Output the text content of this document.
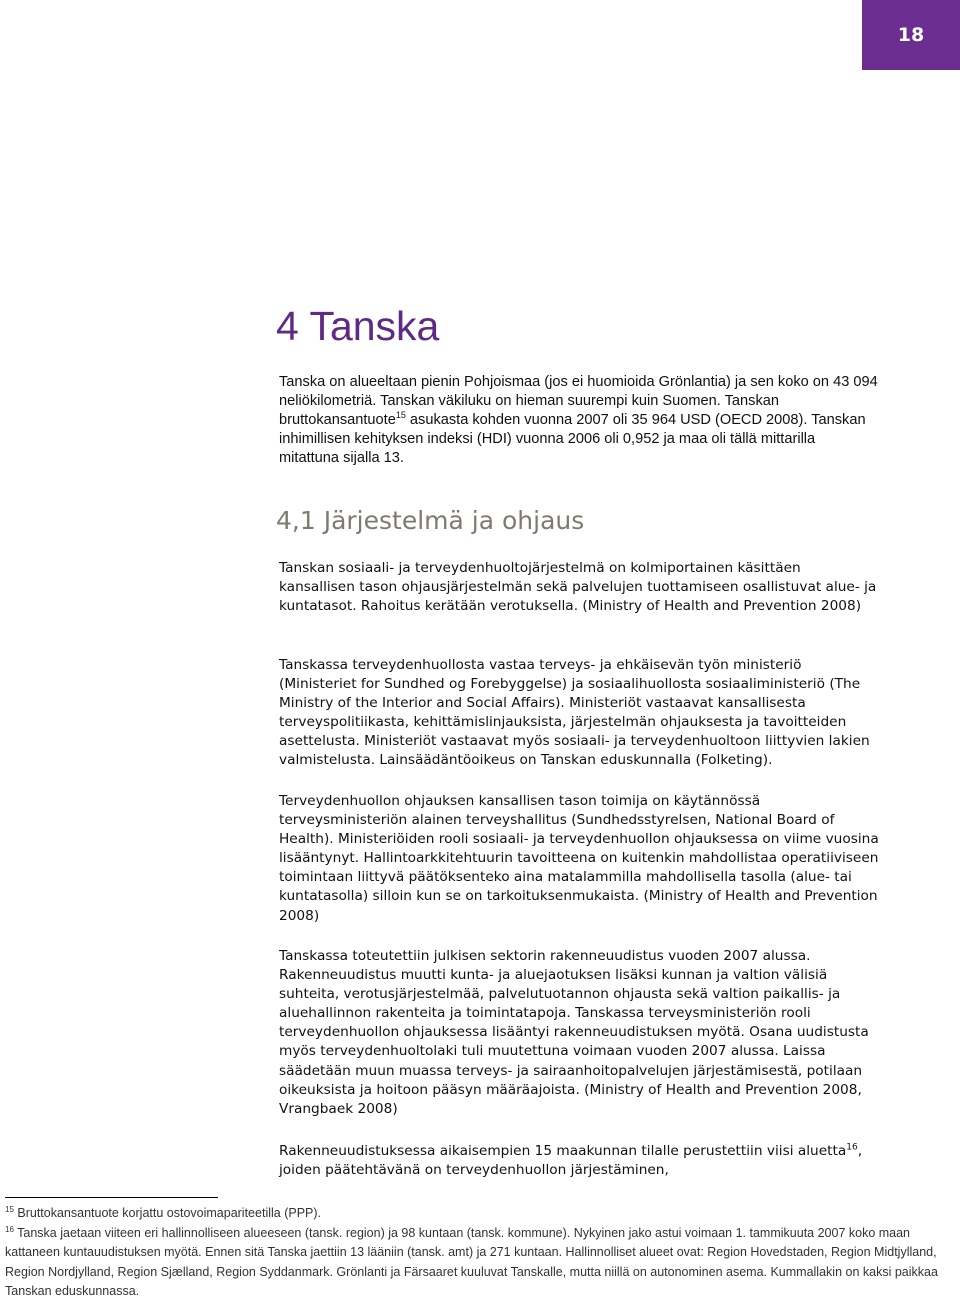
18
4 Tanska

Tanska on alueeltaan pienin Pohjoismaa (jos ei huomioida Grönlantia) ja sen koko on 43 094 neliökilometriä. Tanskan väkiluku on hieman suurempi kuin Suomen. Tanskan bruttokansantuote$^{15}$ asukasta kohden vuonna 2007 oli 35 964 USD (OECD 2008). Tanskan inhimillisen kehityksen indeksi (HDI) vuonna 2006 oli 0,952 ja maa oli tällä mittarilla mitattuna sijalla 13.

4,1 Järjestelmä ja ohjaus

Tanskan sosiaali- ja terveydenhuoltojärjestelmä on kolmiportainen käsittäen kansallisen tason ohjausjärjestelmän sekä palvelujen tuottamiseen osallistuvat alue- ja kuntatasot. Rahoitus kerätään verotuksella. (Ministry of Health and Prevention 2008)

Tanskassa terveydenhuollosta vastaa terveys- ja ehkäisevän työn ministeriö (Ministeriet for Sundhed og Forebyggelse) ja sosiaalihuollosta sosiaaliministeriö (The Ministry of the Interior and Social Affairs). Ministeriöt vastaavat kansallisesta terveyspolitiikasta, kehittämislinjauksista, järjestelmän ohjauksesta ja tavoitteiden asettelusta. Ministeriöt vastaavat myös sosiaali- ja terveydenhuoltoon liittyvien lakien valmistelusta. Lainsäädäntöoikeus on Tanskan eduskunnalla (Folketing).

Terveydenhuollon ohjauksen kansallisen tason toimija on käytännössä terveysministeriön alainen terveyshallitus (Sundhedsstyrelsen, National Board of Health). Ministeriöiden rooli sosiaali- ja terveydenhuollon ohjauksessa on viime vuosina lisääntynyt. Hallintoarkkitehtuurin tavoitteena on kuitenkin mahdollistaa operatiiviseen toimintaan liittyvä päätöksenteko aina matalammilla mahdollisella tasolla (alue- tai kuntatasolla) silloin kun se on tarkoituksenmukaista. (Ministry of Health and Prevention 2008)

Tanskassa toteutettiin julkisen sektorin rakenneuudistus vuoden 2007 alussa. Rakenneuudistus muutti kunta- ja aluejaotuksen lisäksi kunnan ja valtion välisiä suhteita, verotusjärjestelmää, palvelutuotannon ohjausta sekä valtion paikallis- ja aluehallinnon rakenteita ja toimintatapoja. Tanskassa terveysministeriön rooli terveydenhuollon ohjauksessa lisääntyi rakenneuudistuksen myötä. Osana uudistusta myös terveydenhuoltolaki tuli muutettuna voimaan vuoden 2007 alussa. Laissa säädetään muun muassa terveys- ja sairaanhoitopalvelujen järjestämisestä, potilaan oikeuksista ja hoitoon pääsyn määräajoista. (Ministry of Health and Prevention 2008, Vrangbaek 2008)

Rakenneuudistuksessa aikaisempien 15 maakunnan tilalle perustettiin viisi aluetta$^{16}$, joiden päätehtävänä on terveydenhuollon järjestäminen,

$^{15}$ Bruttokansantuote korjattu ostovoimapariteetilla (PPP).
$^{16}$ Tanska jaetaan viiteen eri hallinnolliseen alueeseen (tansk. region) ja 98 kuntaan (tansk. kommune). Nykyinen jako astui voimaan 1. tammikuuta 2007 koko maan kattaneen kuntauudistuksen myötä. Ennen sitä Tanska jaettiin 13 lääniin (tansk. amt) ja 271 kuntaan. Hallinnolliset alueet ovat: Region Hovedstaden, Region Midtjylland, Region Nordjylland, Region Sjælland, Region Syddanmark. Grönlanti ja Färsaaret kuuluvat Tanskalle, mutta niillä on autonominen asema. Kummallakin on kaksi paikkaa Tanskan eduskunnassa.
